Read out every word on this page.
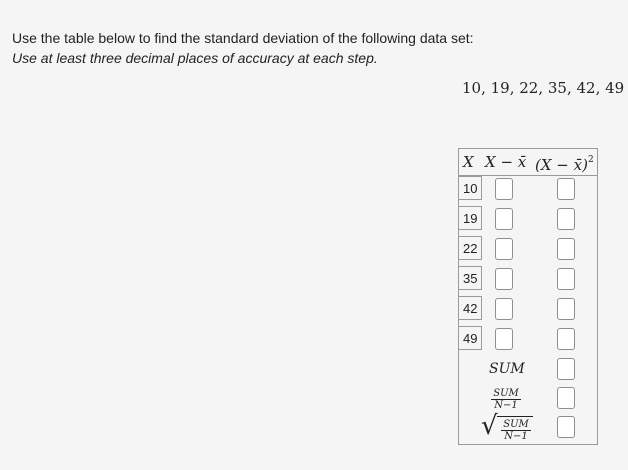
Use the table below to find the standard deviation of the following data set:
Use at least three decimal places of accuracy at each step.
10, 19, 22, 35, 42, 49
X X − x̄ (X − x̄)$^2$
10
19
22
35
42
49
SUM
SUM
N−1
√ SUM
N−1
